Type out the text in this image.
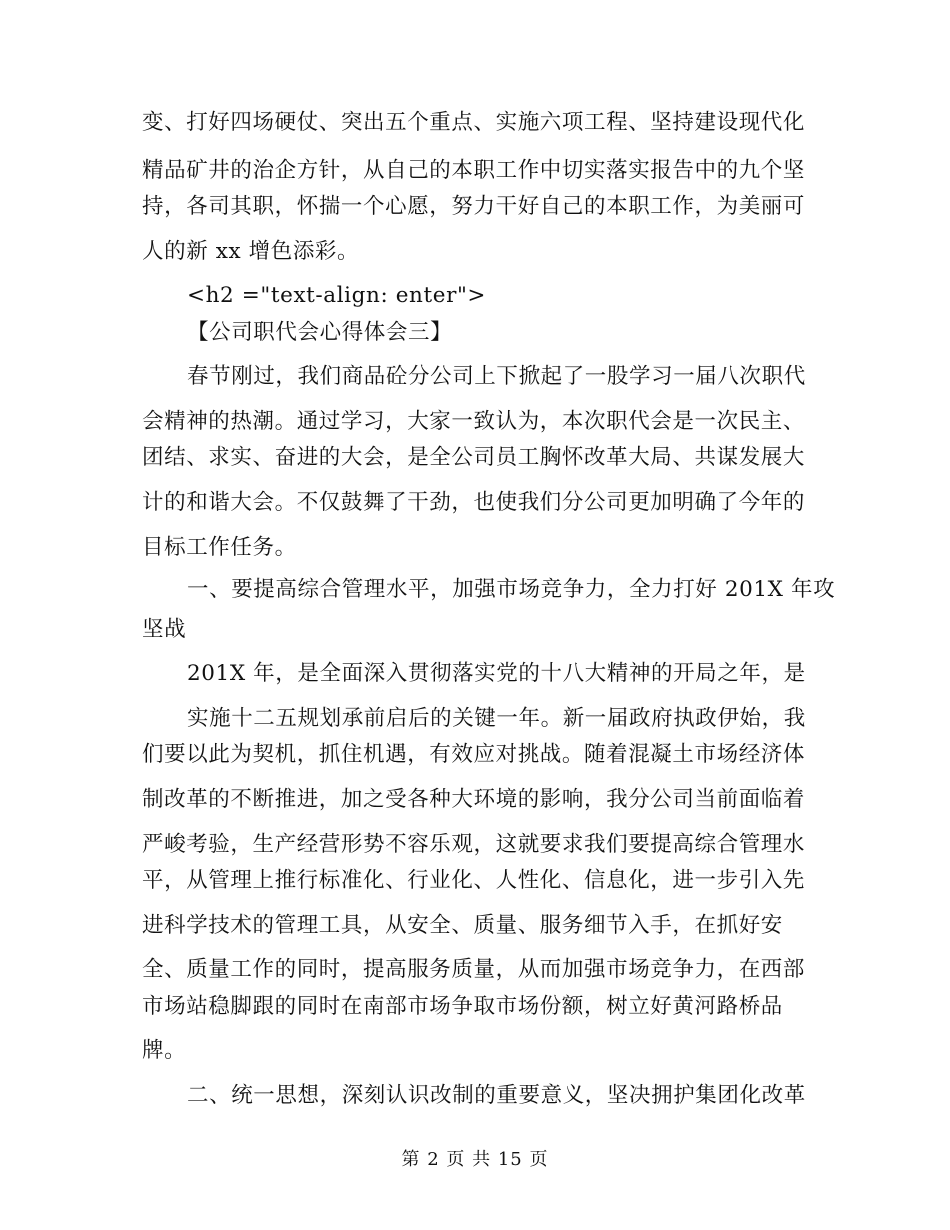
变、打好四场硬仗、突出五个重点、实施六项工程、坚持建设现代化
精品矿井的治企方针，从自己的本职工作中切实落实报告中的九个坚
持，各司其职，怀揣一个心愿，努力干好自己的本职工作，为美丽可
人的新 xx 增色添彩。
<h2 ="text-align: enter">
【公司职代会心得体会三】
春节刚过，我们商品砼分公司上下掀起了一股学习一届八次职代
会精神的热潮。通过学习，大家一致认为，本次职代会是一次民主、
团结、求实、奋进的大会，是全公司员工胸怀改革大局、共谋发展大
计的和谐大会。不仅鼓舞了干劲，也使我们分公司更加明确了今年的
目标工作任务。
一、要提高综合管理水平，加强市场竞争力，全力打好 201X 年攻
坚战
201X 年，是全面深入贯彻落实党的十八大精神的开局之年，是
实施十二五规划承前启后的关键一年。新一届政府执政伊始，我
们要以此为契机，抓住机遇，有效应对挑战。随着混凝土市场经济体
制改革的不断推进，加之受各种大环境的影响，我分公司当前面临着
严峻考验，生产经营形势不容乐观，这就要求我们要提高综合管理水
平，从管理上推行标准化、行业化、人性化、信息化，进一步引入先
进科学技术的管理工具，从安全、质量、服务细节入手，在抓好安
全、质量工作的同时，提高服务质量，从而加强市场竞争力，在西部
市场站稳脚跟的同时在南部市场争取市场份额，树立好黄河路桥品
牌。
二、统一思想，深刻认识改制的重要意义，坚决拥护集团化改革
第 2 页 共 15 页
